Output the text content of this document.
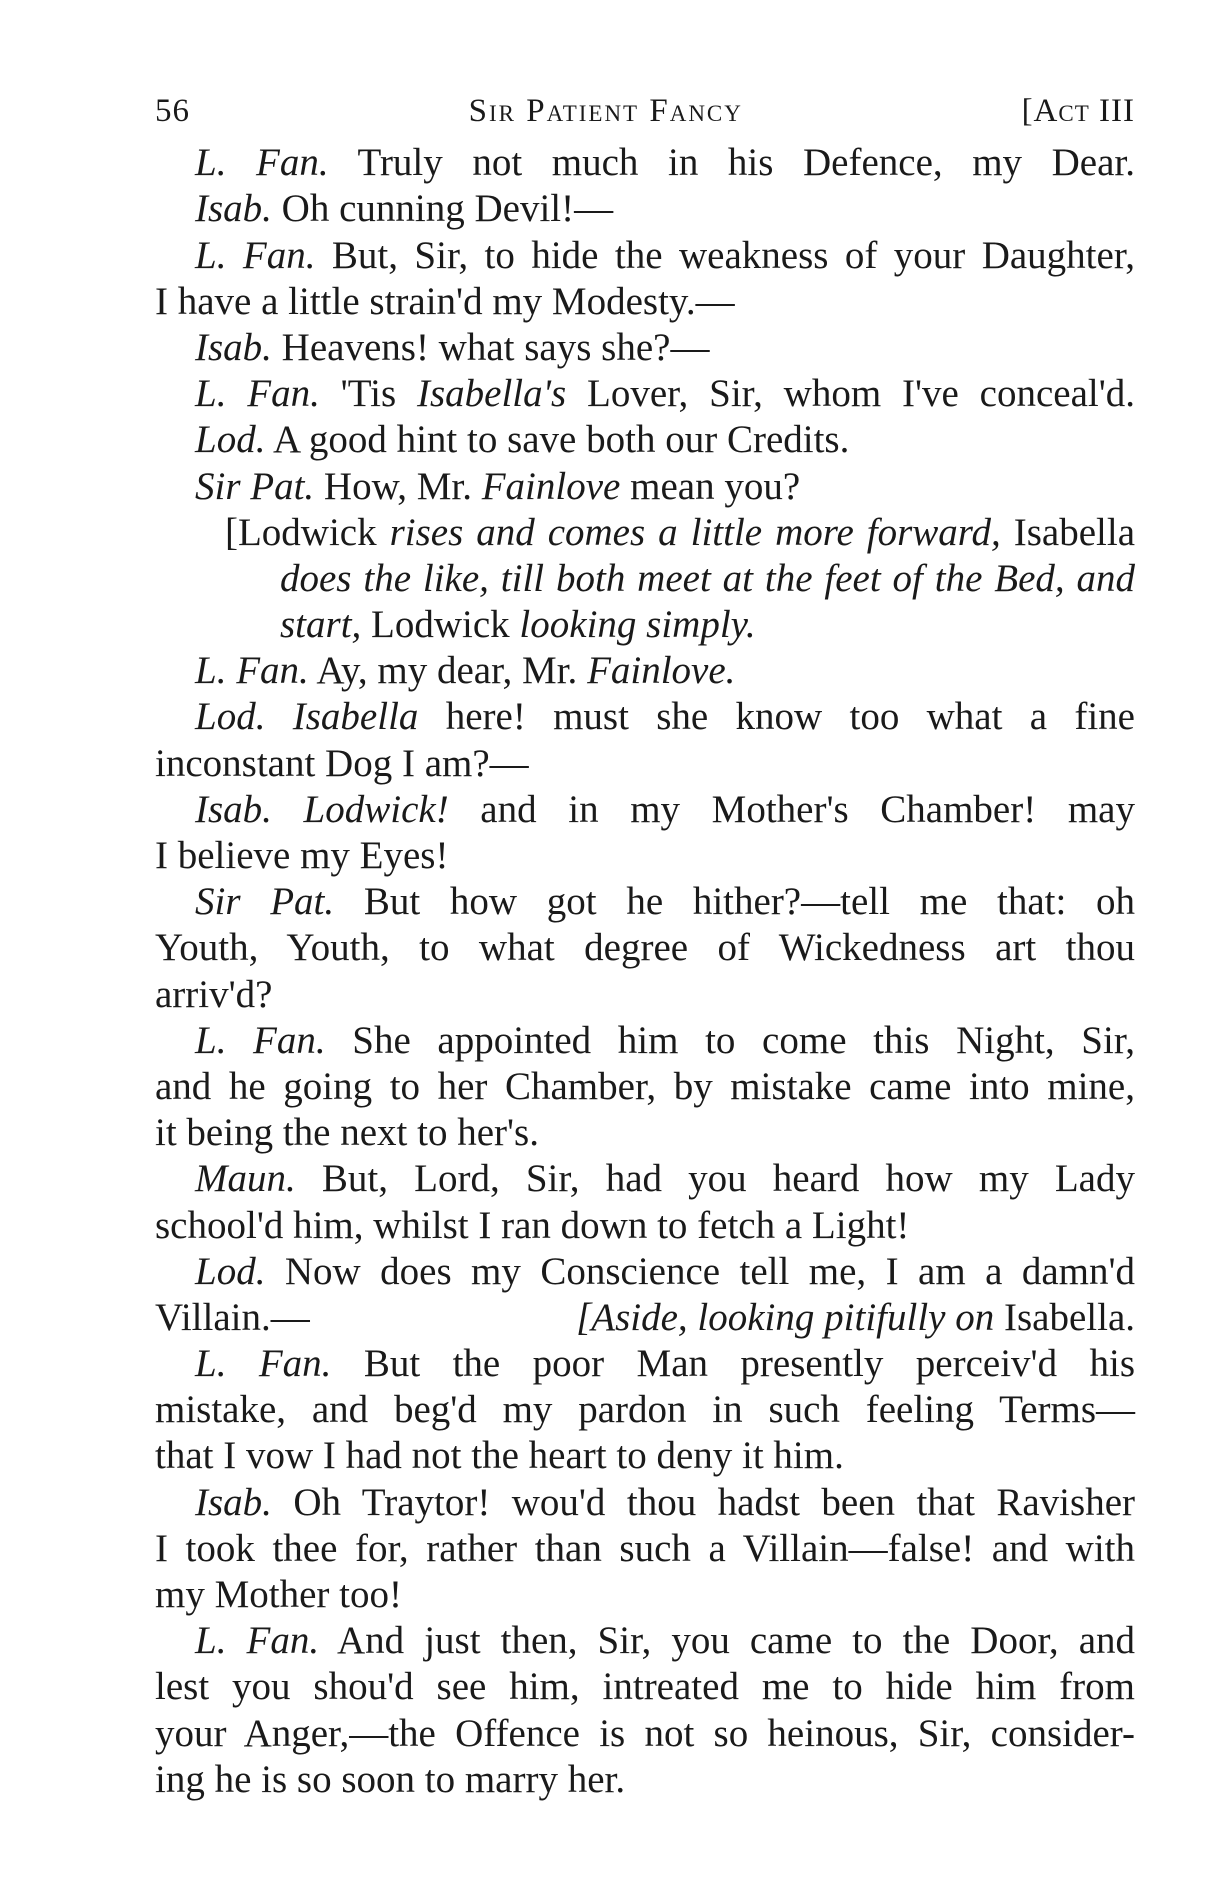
56	Sir Patient Fancy	[Act III
L. Fan. Truly not much in his Defence, my Dear.
Isab. Oh cunning Devil!—
L. Fan. But, Sir, to hide the weakness of your Daughter,
I have a little strain'd my Modesty.—
Isab. Heavens! what says she?—
L. Fan. 'Tis Isabella's Lover, Sir, whom I've conceal'd.
Lod. A good hint to save both our Credits.
Sir Pat. How, Mr. Fainlove mean you?
[Lodwick rises and comes a little more forward, Isabella
does the like, till both meet at the feet of the Bed, and
start, Lodwick looking simply.
L. Fan. Ay, my dear, Mr. Fainlove.
Lod. Isabella here! must she know too what a fine
inconstant Dog I am?—
Isab. Lodwick! and in my Mother's Chamber! may
I believe my Eyes!
Sir Pat. But how got he hither?—tell me that: oh
Youth, Youth, to what degree of Wickedness art thou
arriv'd?
L. Fan. She appointed him to come this Night, Sir,
and he going to her Chamber, by mistake came into mine,
it being the next to her's.
Maun. But, Lord, Sir, had you heard how my Lady
school'd him, whilst I ran down to fetch a Light!
Lod. Now does my Conscience tell me, I am a damn'd
Villain.—	[Aside, looking pitifully on Isabella.
L. Fan. But the poor Man presently perceiv'd his
mistake, and beg'd my pardon in such feeling Terms—
that I vow I had not the heart to deny it him.
Isab. Oh Traytor! wou'd thou hadst been that Ravisher
I took thee for, rather than such a Villain—false! and with
my Mother too!
L. Fan. And just then, Sir, you came to the Door, and
lest you shou'd see him, intreated me to hide him from
your Anger,—the Offence is not so heinous, Sir, consider-
ing he is so soon to marry her.
